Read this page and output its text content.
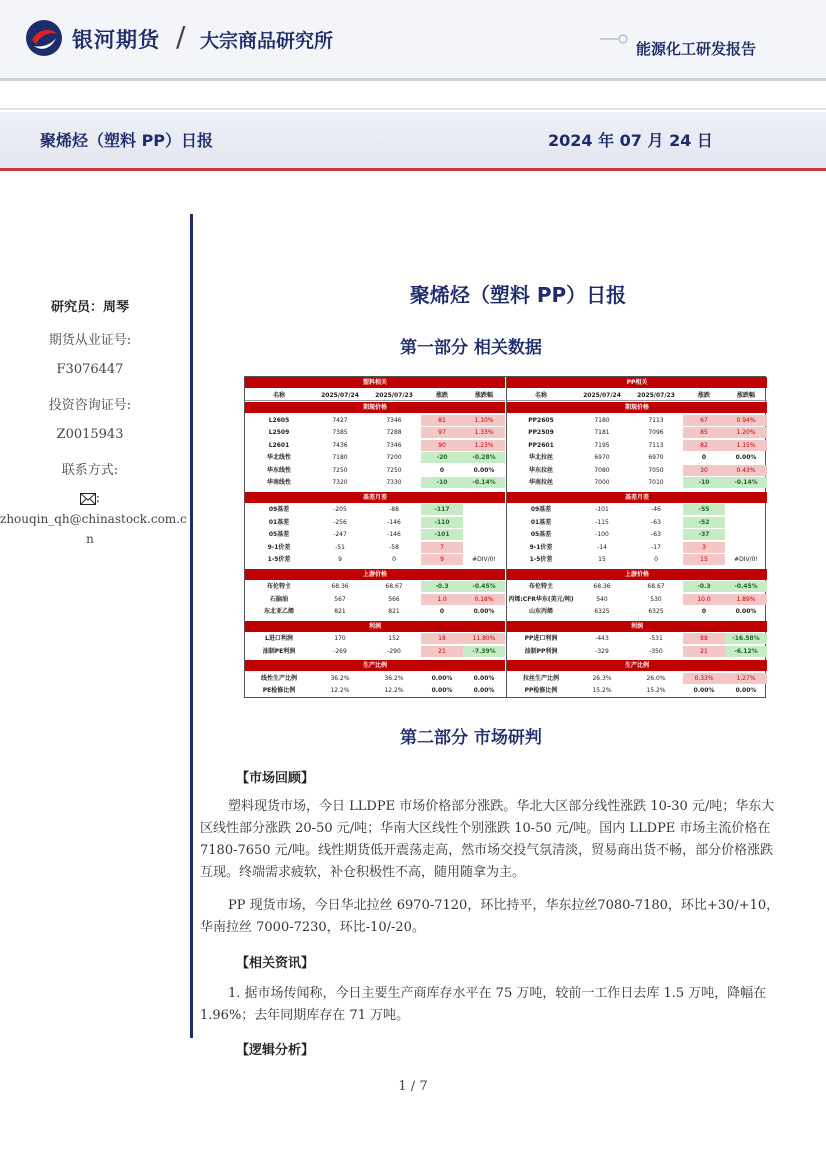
银河期货 / 大宗商品研究所	能源化工研发报告
聚烯烃（塑料 PP）日报	2024 年 07 月 24 日
研究员：周琴
期货从业证号:
F3076447
投资咨询证号:
Z0015943
联系方式:
:
zhouqin_qh@chinastock.com.c
n
聚烯烃（塑料 PP）日报
第一部分 相关数据
塑料相关
名称	2025/07/24	2025/07/23	涨跌	涨跌幅
期现价格
L2605	7427	7346	81	1.10%
L2509	7385	7288	97	1.33%
L2601	7436	7346	90	1.23%
华北线性	7180	7200	-20	-0.28%
华东线性	7250	7250	0	0.00%
华南线性	7320	7330	-10	-0.14%
基差月差
09基差	-205	-88	-117
01基差	-256	-146	-110
05基差	-247	-146	-101
9-1价差	-51	-58	7
1-5价差	9	0	9	#DIV/0!
上游价格
布伦特主	68.36	68.67	-0.3	-0.45%
石脑油	567	566	1.0	0.18%
东北亚乙烯	821	821	0	0.00%
利润
L进口利润	170	152	18	11.80%
油制PE利润	-269	-290	21	-7.39%
生产比例
线性生产比例	36.2%	36.2%	0.00%	0.00%
PE检修比例	12.2%	12.2%	0.00%	0.00%
PP相关
名称	2025/07/24	2025/07/23	涨跌	涨跌幅
期现价格
PP2605	7180	7113	67	0.94%
PP2509	7181	7096	85	1.20%
PP2601	7195	7113	82	1.15%
华北拉丝	6970	6970	0	0.00%
华东拉丝	7080	7050	30	0.43%
华南拉丝	7000	7010	-10	-0.14%
基差月差
09基差	-101	-46	-55
01基差	-115	-63	-52
05基差	-100	-63	-37
9-1价差	-14	-17	3
1-5价差	15	0	15	#DIV/0!
上游价格
布伦特主	68.36	68.67	-0.3	-0.45%
丙烯:CFR华东(美元/吨)	540	530	10.0	1.89%
山东丙烯	6325	6325	0	0.00%
利润
PP进口利润	-443	-531	88	-16.58%
油制PP利润	-329	-350	21	-6.12%
生产比例
拉丝生产比例	26.3%	26.0%	0.33%	1.27%
PP检修比例	15.2%	15.2%	0.00%	0.00%
第二部分 市场研判
【市场回顾】
塑料现货市场，今日 LLDPE 市场价格部分涨跌。华北大区部分线性涨跌 10-30 元/吨；华东大区线性部分涨跌 20-50 元/吨；华南大区线性个别涨跌 10-50 元/吨。国内 LLDPE 市场主流价格在 7180-7650 元/吨。线性期货低开震荡走高，然市场交投气氛清淡，贸易商出货不畅，部分价格涨跌互现。终端需求疲软，补仓积极性不高，随用随拿为主。
PP 现货市场，今日华北拉丝 6970-7120，环比持平，华东拉丝7080-7180，环比+30/+10，华南拉丝 7000-7230，环比-10/-20。
【相关资讯】
1. 据市场传闻称，今日主要生产商库存水平在 75 万吨，较前一工作日去库 1.5 万吨，降幅在 1.96%；去年同期库存在 71 万吨。
【逻辑分析】
1 / 7
